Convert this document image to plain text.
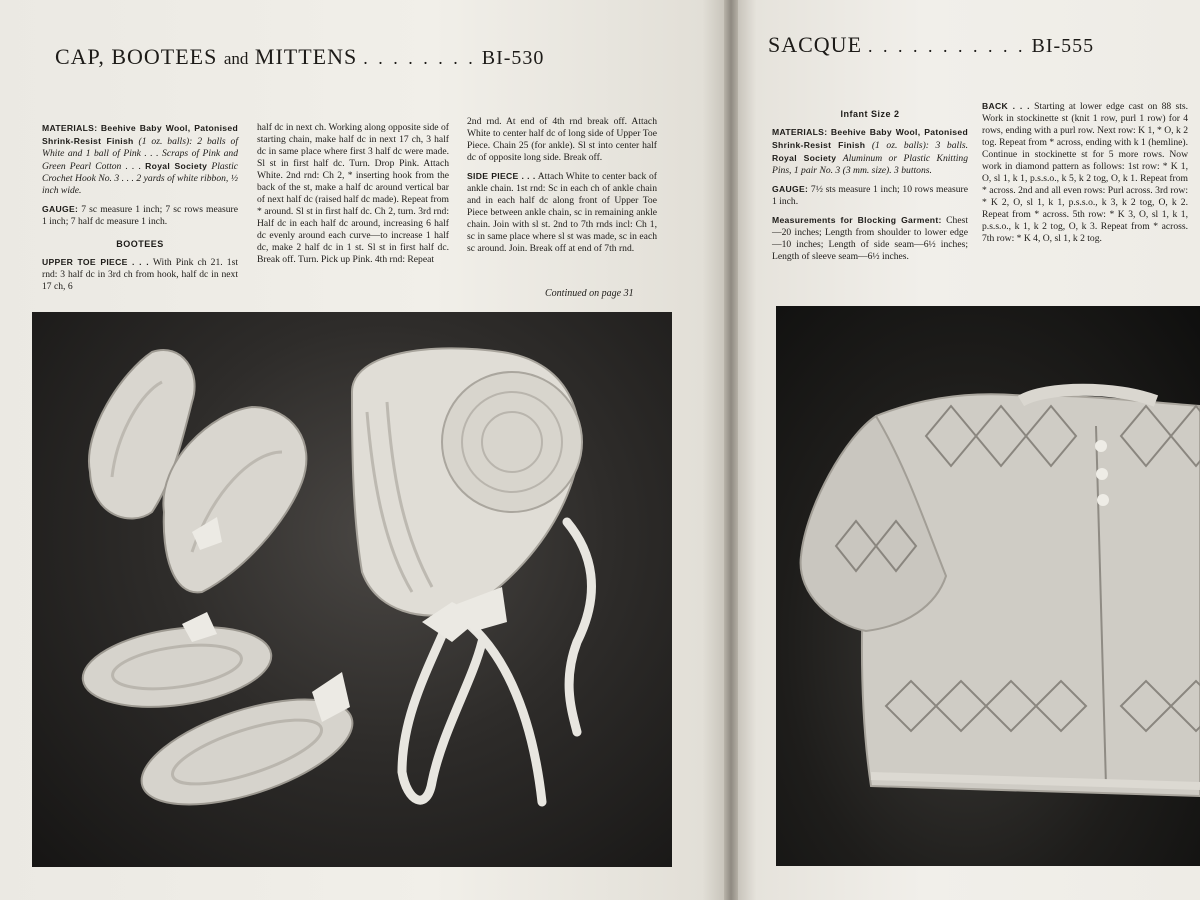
CAP, BOOTEES and MITTENS . . . . . . . . BI-530

MATERIALS: Beehive Baby Wool, Patonised Shrink-Resist Finish (1 oz. balls): 2 balls of White and 1 ball of Pink . . . Scraps of Pink and Green Pearl Cotton . . . Royal Society Plastic Crochet Hook No. 3 . . . 2 yards of white ribbon, ½ inch wide.

GAUGE: 7 sc measure 1 inch; 7 sc rows measure 1 inch; 7 half dc measure 1 inch.

BOOTEES

UPPER TOE PIECE . . . With Pink ch 21. 1st rnd: 3 half dc in 3rd ch from hook, half dc in next 17 ch, 6

half dc in next ch. Working along opposite side of starting chain, make half dc in next 17 ch, 3 half dc in same place where first 3 half dc were made. Sl st in first half dc. Turn. Drop Pink. Attach White. 2nd rnd: Ch 2, * inserting hook from the back of the st, make a half dc around vertical bar of next half dc (raised half dc made). Repeat from * around. Sl st in first half dc. Ch 2, turn. 3rd rnd: Half dc in each half dc around, increasing 6 half dc evenly around each curve—to increase 1 half dc, make 2 half dc in 1 st. Sl st in first half dc. Break off. Turn. Pick up Pink. 4th rnd: Repeat

2nd rnd. At end of 4th rnd break off. Attach White to center half dc of long side of Upper Toe Piece. Chain 25 (for ankle). Sl st into center half dc of opposite long side. Break off.

SIDE PIECE . . . Attach White to center back of ankle chain. 1st rnd: Sc in each ch of ankle chain and in each half dc along front of Upper Toe Piece between ankle chain, sc in remaining ankle chain. Join with sl st. 2nd to 7th rnds incl: Ch 1, sc in same place where sl st was made, sc in each sc around. Join. Break off at end of 7th rnd.

Continued on page 31
SACQUE . . . . . . . . . . . BI-555
Infant Size 2

MATERIALS: Beehive Baby Wool, Patonised Shrink-Resist Finish (1 oz. balls): 3 balls. Royal Society Aluminum or Plastic Knitting Pins, 1 pair No. 3 (3 mm. size). 3 buttons.

GAUGE: 7½ sts measure 1 inch; 10 rows measure 1 inch.

Measurements for Blocking Garment: Chest—20 inches; Length from shoulder to lower edge—10 inches; Length of side seam—6½ inches; Length of sleeve seam—6½ inches.

BACK . . . Starting at lower edge cast on 88 sts. Work in stockinette st (knit 1 row, purl 1 row) for 4 rows, ending with a purl row. Next row: K 1, * O, k 2 tog. Repeat from * across, ending with k 1 (hemline). Continue in stockinette st for 5 more rows. Now work in diamond pattern as follows: 1st row: * K 1, O, sl 1, k 1, p.s.s.o., k 5, k 2 tog, O, k 1. Repeat from * across. 2nd and all even rows: Purl across. 3rd row: * K 2, O, sl 1, k 1, p.s.s.o., k 3, k 2 tog, O, k 2. Repeat from * across. 5th row: * K 3, O, sl 1, k 1, p.s.s.o., k 1, k 2 tog, O, k 3. Repeat from * across. 7th row: * K 4, O, sl 1, k 2 tog.
